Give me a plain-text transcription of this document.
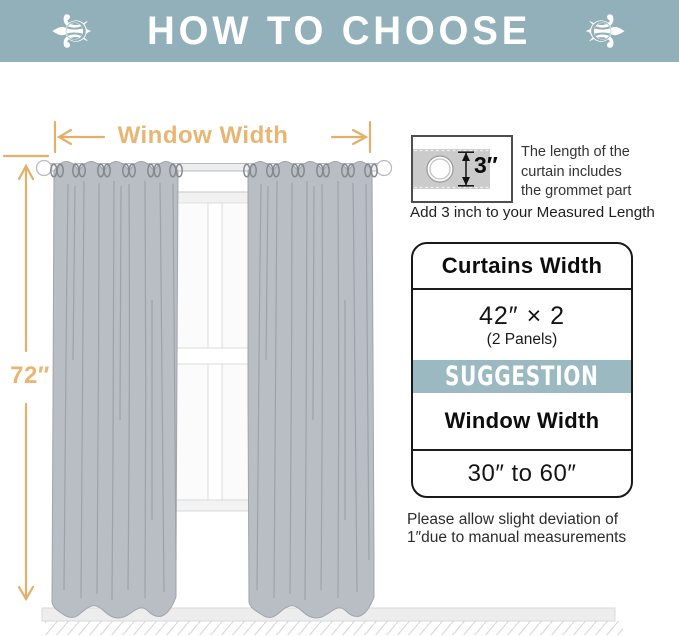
⚜ HOW TO CHOOSE ⚜
Window Width
72″
3″ The length of the
curtain includes
the grommet part
Add 3 inch to your Measured Length
Curtains Width
42″ × 2
(2 Panels)
SUGGESTION
Window Width
30″ to 60″
Please allow slight deviation of
1″due to manual measurements
